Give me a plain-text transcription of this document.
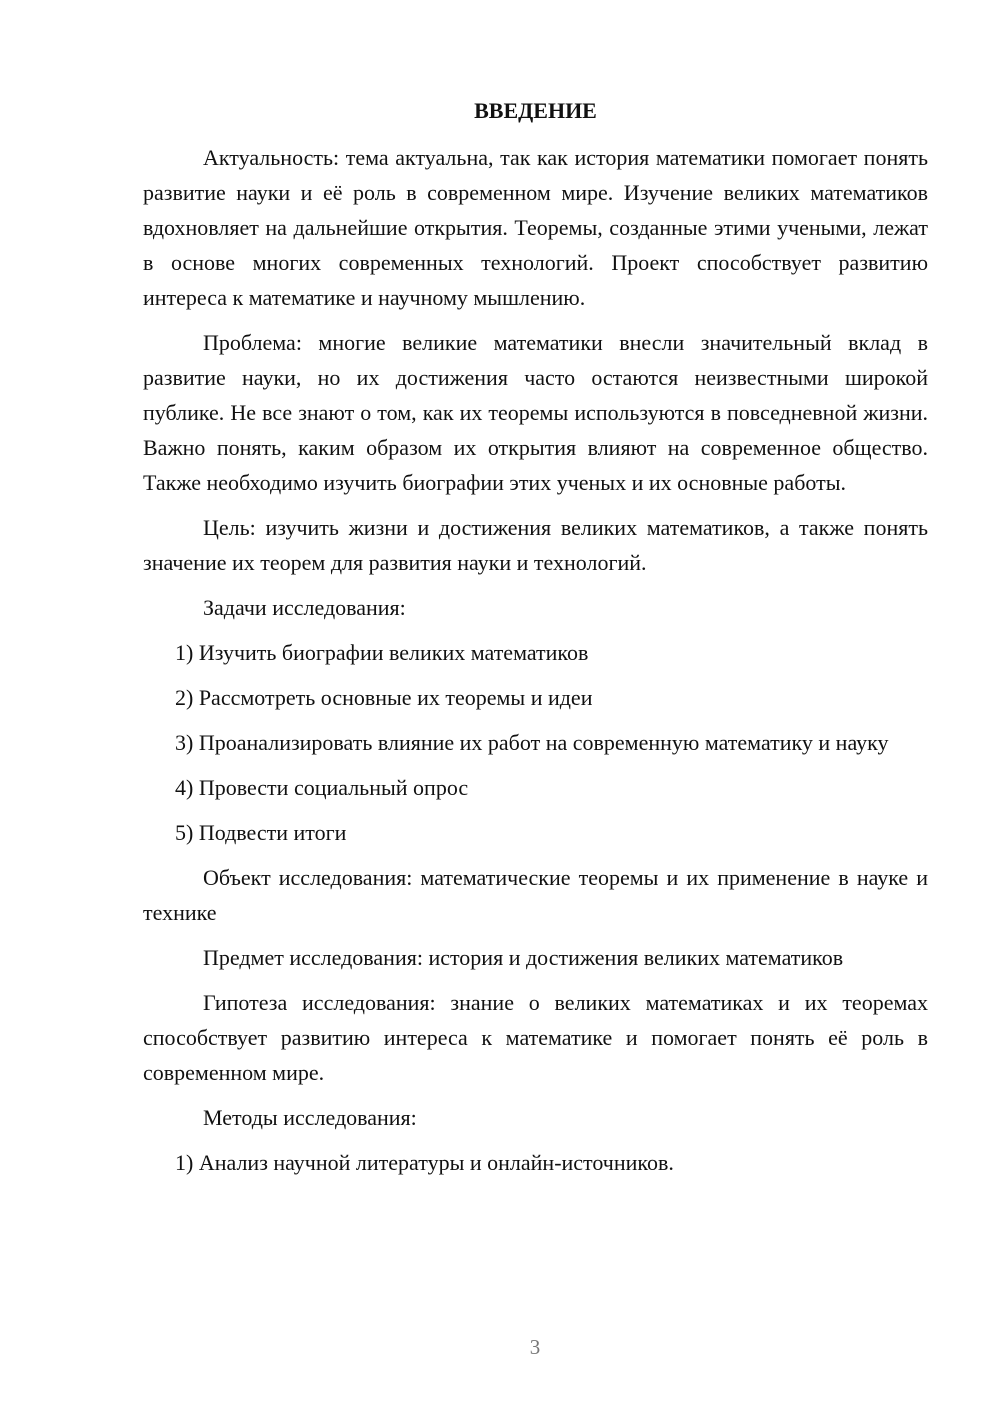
ВВЕДЕНИЕ
Актуальность: тема актуальна, так как история математики помогает понять развитие науки и её роль в современном мире. Изучение великих математиков вдохновляет на дальнейшие открытия. Теоремы, созданные этими учеными, лежат в основе многих современных технологий. Проект способствует развитию интереса к математике и научному мышлению.
Проблема: многие великие математики внесли значительный вклад в развитие науки, но их достижения часто остаются неизвестными широкой публике. Не все знают о том, как их теоремы используются в повседневной жизни. Важно понять, каким образом их открытия влияют на современное общество. Также необходимо изучить биографии этих ученых и их основные работы.
Цель: изучить жизни и достижения великих математиков, а также понять значение их теорем для развития науки и технологий.
Задачи исследования:
1) Изучить биографии великих математиков
2) Рассмотреть основные их теоремы и идеи
3) Проанализировать влияние их работ на современную математику и науку
4) Провести социальный опрос
5) Подвести итоги
Объект исследования: математические теоремы и их применение в науке и технике
Предмет исследования: история и достижения великих математиков
Гипотеза исследования: знание о великих математиках и их теоремах способствует развитию интереса к математике и помогает понять её роль в современном мире.
Методы исследования:
1) Анализ научной литературы и онлайн-источников.
3
